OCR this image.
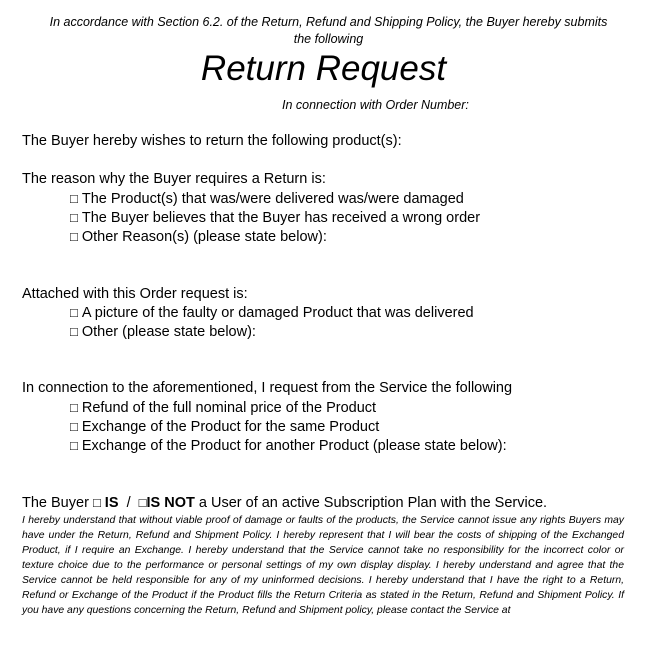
In accordance with Section 6.2. of the Return, Refund and Shipping Policy, the Buyer hereby submits the following
Return Request
In connection with Order Number:
The Buyer hereby wishes to return the following product(s):
The reason why the Buyer requires a Return is:
□ The Product(s) that was/were delivered was/were damaged
□ The Buyer believes that the Buyer has received a wrong order
□ Other Reason(s) (please state below):
Attached with this Order request is:
□ A picture of the faulty or damaged Product that was delivered
□ Other (please state below):
In connection to the aforementioned, I request from the Service the following
□ Refund of the full nominal price of the Product
□ Exchange of the Product for the same Product
□ Exchange of the Product for another Product (please state below):
The Buyer □ IS / □IS NOT a User of an active Subscription Plan with the Service.
I hereby understand that without viable proof of damage or faults of the products, the Service cannot issue any rights Buyers may have under the Return, Refund and Shipment Policy. I hereby represent that I will bear the costs of shipping of the Exchanged Product, if I require an Exchange. I hereby understand that the Service cannot take no responsibility for the incorrect color or texture choice due to the performance or personal settings of my own display display. I hereby understand and agree that the Service cannot be held responsible for any of my uninformed decisions. I hereby understand that I have the right to a Return, Refund or Exchange of the Product if the Product fills the Return Criteria as stated in the Return, Refund and Shipment Policy. If you have any questions concerning the Return, Refund and Shipment policy, please contact the Service at
